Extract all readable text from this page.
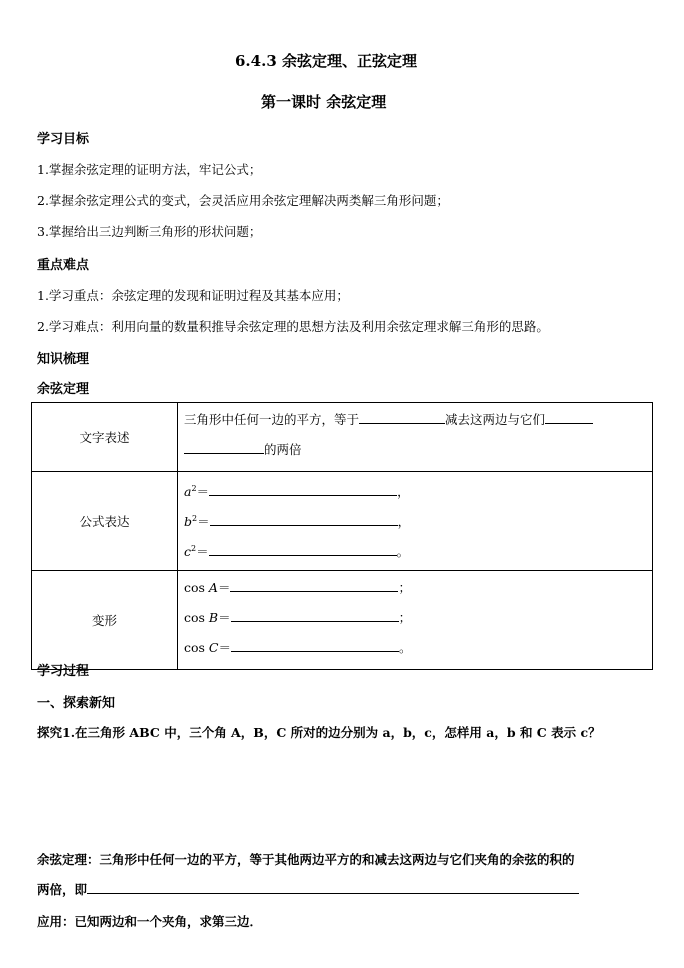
6.4.3 余弦定理、正弦定理
第一课时 余弦定理
学习目标
1.掌握余弦定理的证明方法，牢记公式；
2.掌握余弦定理公式的变式，会灵活应用余弦定理解决两类解三角形问题；
3.掌握给出三边判断三角形的形状问题；
重点难点
1.学习重点：余弦定理的发现和证明过程及其基本应用；
2.学习难点：利用向量的数量积推导余弦定理的思想方法及利用余弦定理求解三角形的思路。
知识梳理
余弦定理
文字表述	三角形中任何一边的平方，等于 减去这两边与它们
的两倍

公式表达	$a^2=$ ，
$b^2=$ ，
$c^2=$ 。

变形	cos A＝ ；
cos B＝ ；
cos C＝ 。
学习过程
一、探索新知
探究1.在三角形 ABC 中，三个角 A，B，C 所对的边分别为 a，b，c，怎样用 a，b 和 C 表示 c？
余弦定理：三角形中任何一边的平方，等于其他两边平方的和减去这两边与它们夹角的余弦的积的
两倍，即
应用：已知两边和一个夹角，求第三边．
